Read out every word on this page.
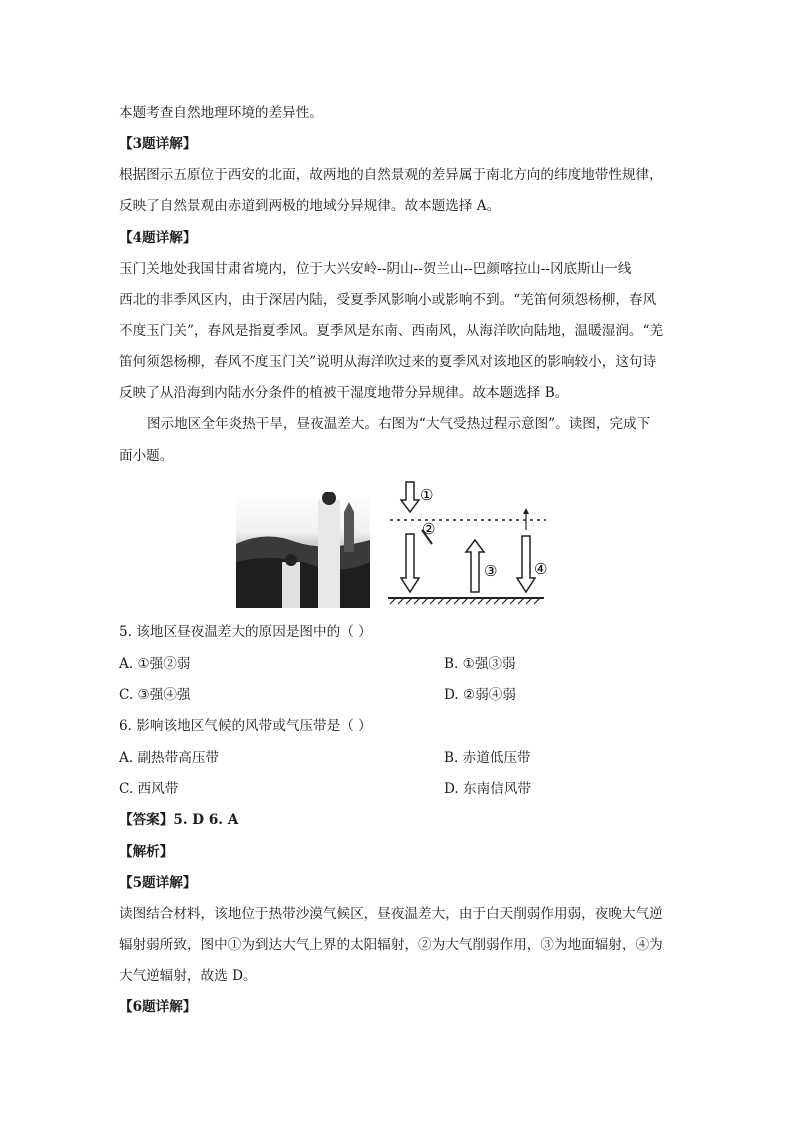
本题考查自然地理环境的差异性。
【3题详解】
根据图示五原位于西安的北面，故两地的自然景观的差异属于南北方向的纬度地带性规律，
反映了自然景观由赤道到两极的地域分异规律。故本题选择 A。
【4题详解】
玉门关地处我国甘肃省境内，位于大兴安岭--阴山--贺兰山--巴颜喀拉山--冈底斯山一线
西北的非季风区内，由于深居内陆，受夏季风影响小或影响不到。“羌笛何须怨杨柳，春风
不度玉门关”，春风是指夏季风。夏季风是东南、西南风，从海洋吹向陆地，温暖湿润。“羌
笛何须怨杨柳，春风不度玉门关”说明从海洋吹过来的夏季风对该地区的影响较小，这句诗
反映了从沿海到内陆水分条件的植被干湿度地带分异规律。故本题选择 B。
图示地区全年炎热干旱，昼夜温差大。右图为“大气受热过程示意图”。读图，完成下
面小题。
①
②
③ ④
5. 该地区昼夜温差大的原因是图中的（ ）
A. ①强②弱	B. ①强③弱
C. ③强④强	D. ②弱④弱
6. 影响该地区气候的风带或气压带是（ ）
A. 副热带高压带	B. 赤道低压带
C. 西风带	D. 东南信风带
【答案】5. D 6. A
【解析】
【5题详解】
读图结合材料，该地位于热带沙漠气候区，昼夜温差大，由于白天削弱作用弱，夜晚大气逆
辐射弱所致，图中①为到达大气上界的太阳辐射，②为大气削弱作用，③为地面辐射，④为
大气逆辐射，故选 D。
【6题详解】
